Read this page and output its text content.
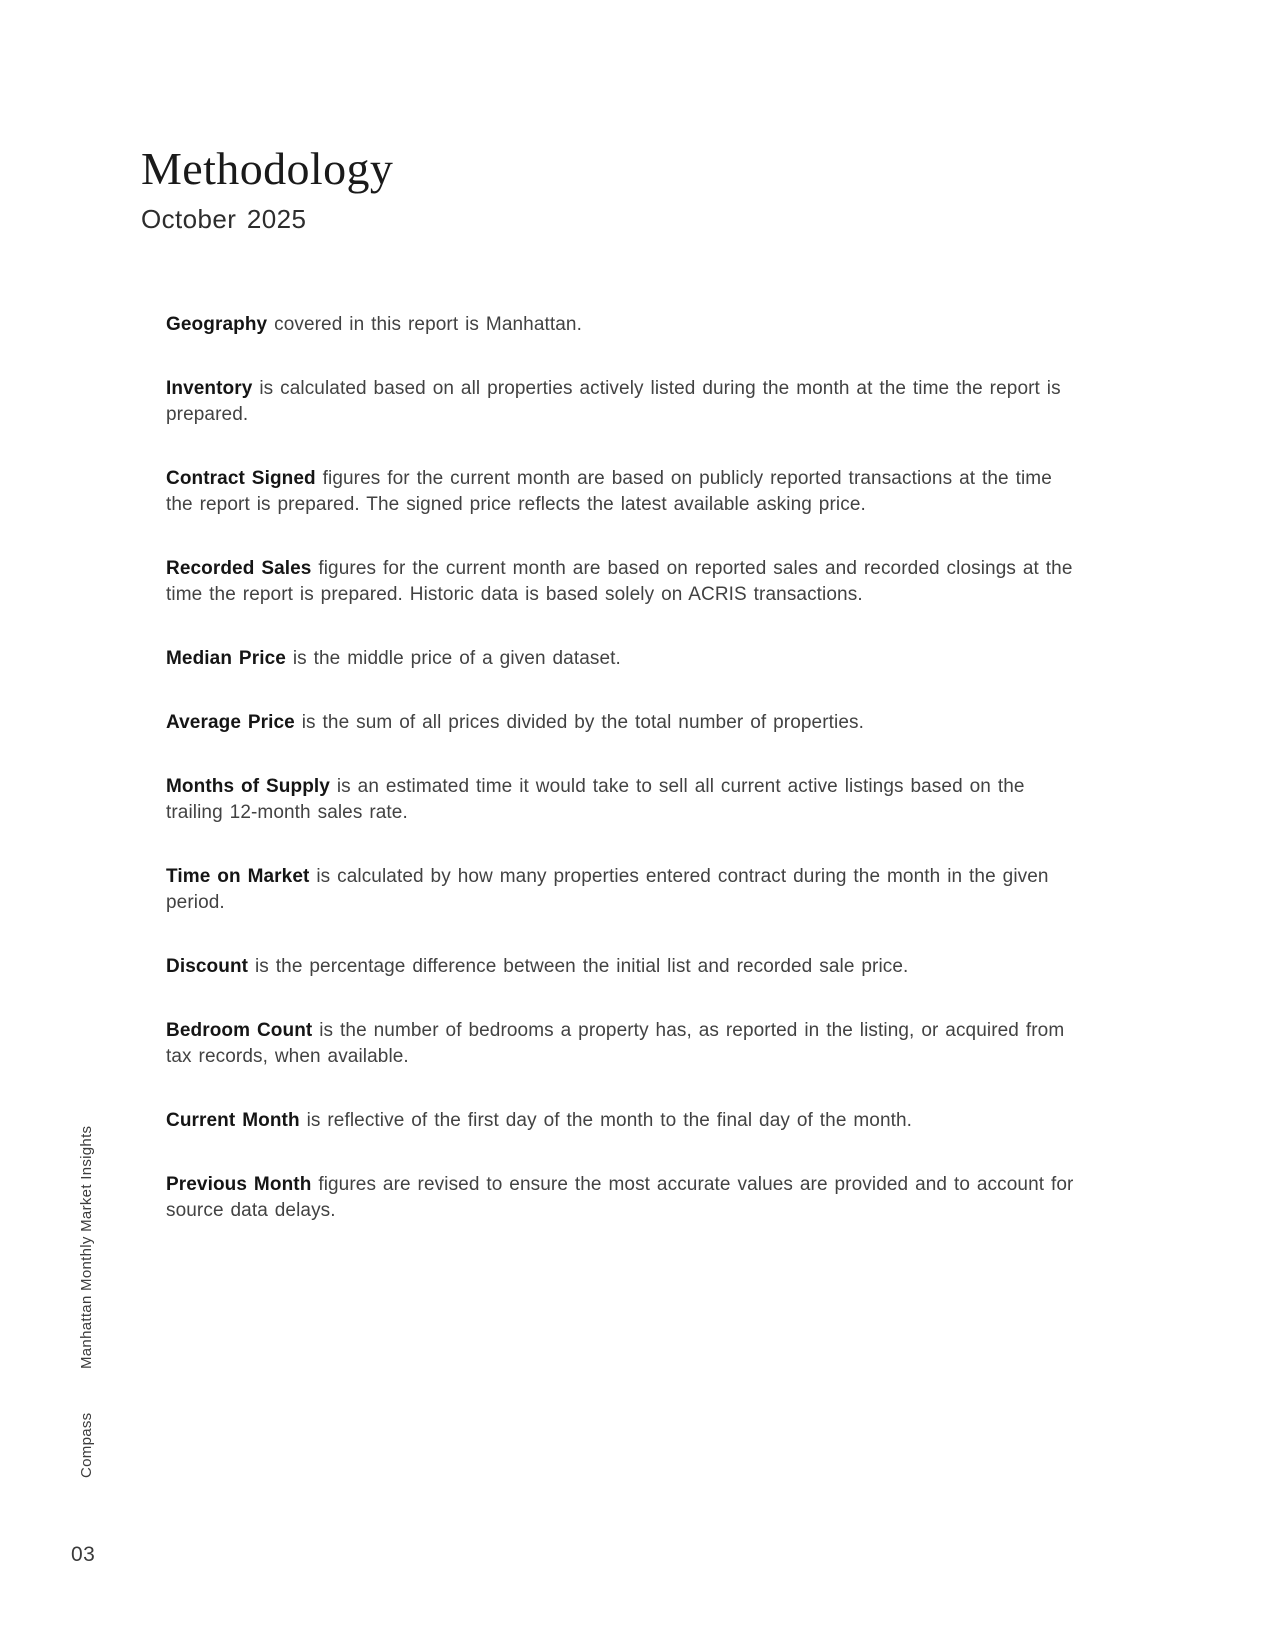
Methodology
October 2025

Geography covered in this report is Manhattan.

Inventory is calculated based on all properties actively listed during the month at the time the report is prepared.

Contract Signed figures for the current month are based on publicly reported transactions at the time the report is prepared. The signed price reflects the latest available asking price.

Recorded Sales figures for the current month are based on reported sales and recorded closings at the time the report is prepared. Historic data is based solely on ACRIS transactions.

Median Price is the middle price of a given dataset.

Average Price is the sum of all prices divided by the total number of properties.

Months of Supply is an estimated time it would take to sell all current active listings based on the trailing 12-month sales rate.

Time on Market is calculated by how many properties entered contract during the month in the given period.

Discount is the percentage difference between the initial list and recorded sale price.

Bedroom Count is the number of bedrooms a property has, as reported in the listing, or acquired from tax records, when available.

Current Month is reflective of the first day of the month to the final day of the month.

Previous Month figures are revised to ensure the most accurate values are provided and to account for source data delays.

Manhattan Monthly Market Insights
Compass
03
